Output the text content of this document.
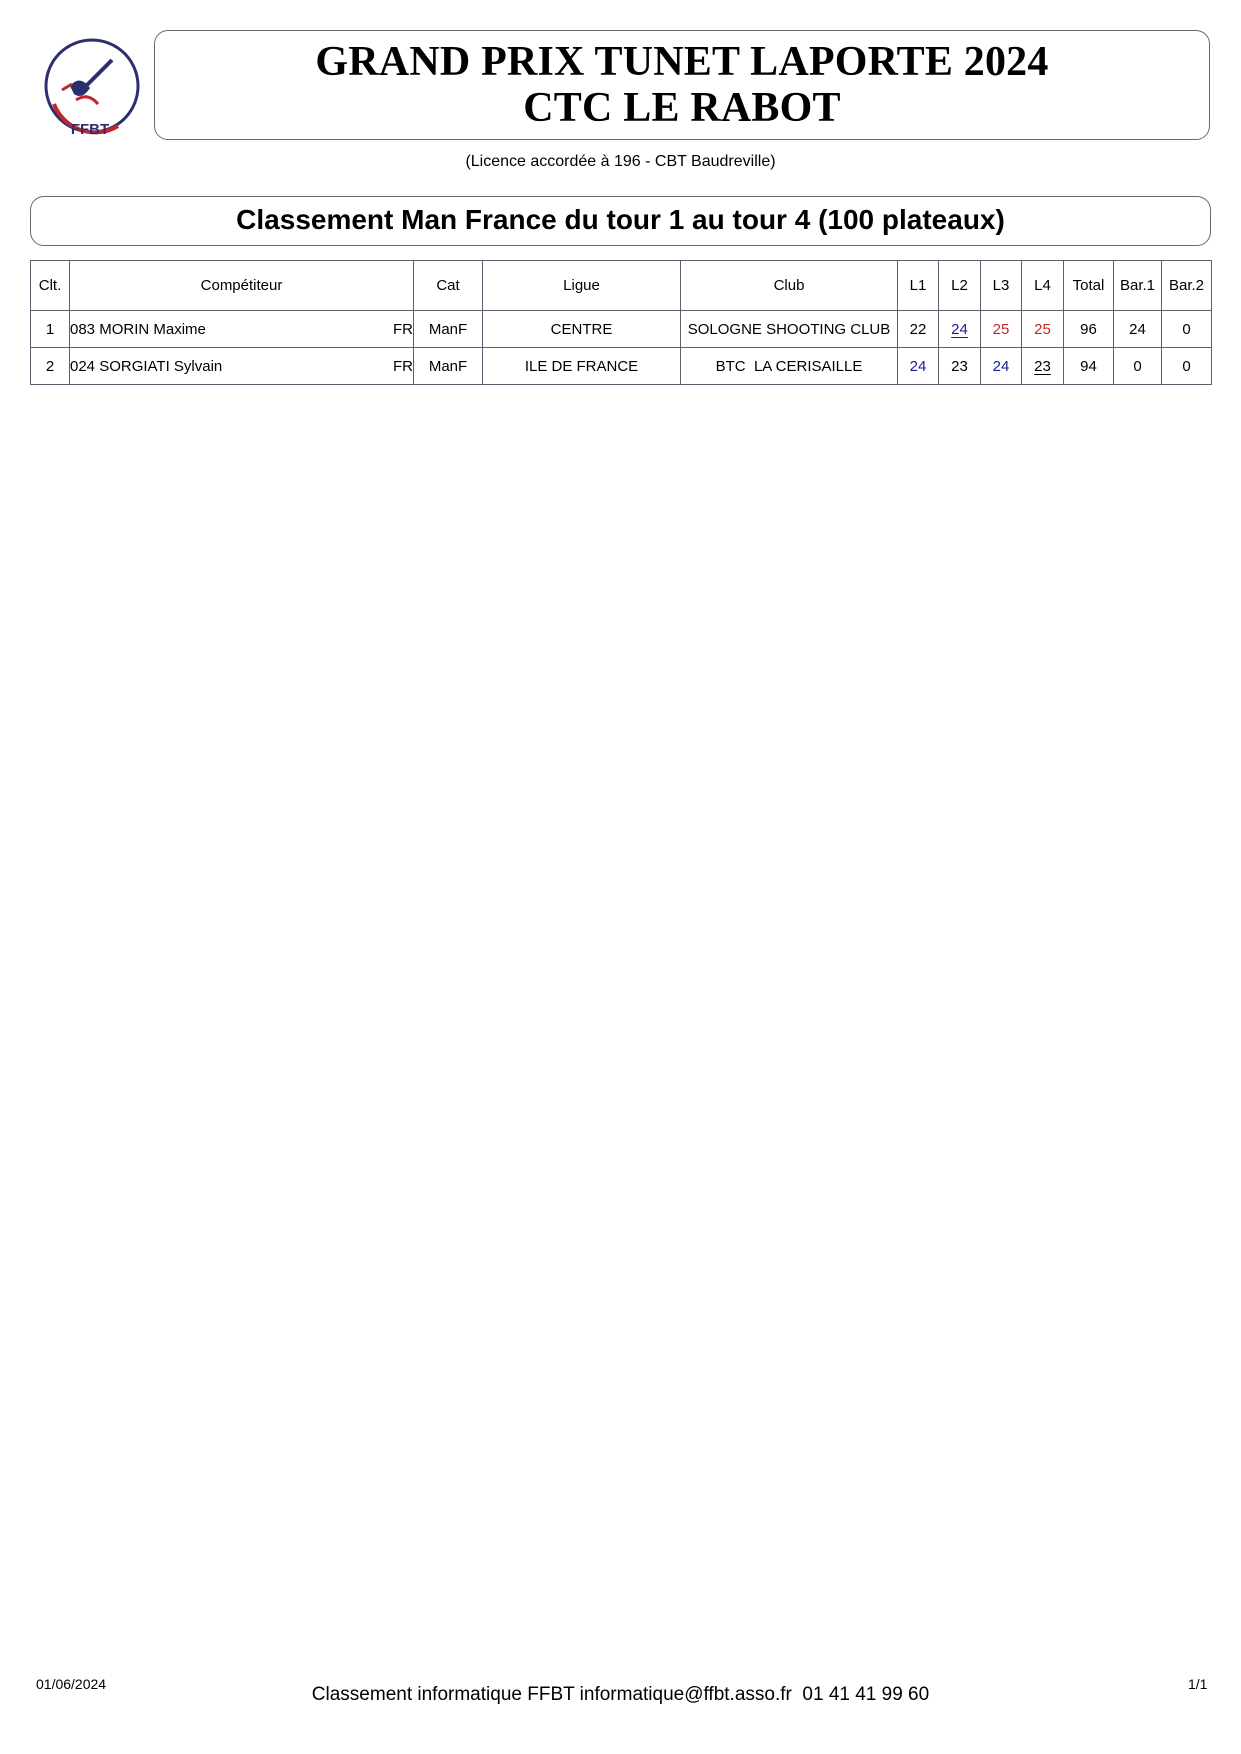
FFBT
GRAND PRIX TUNET LAPORTE 2024
CTC LE RABOT
(Licence accordée à 196 - CBT Baudreville)
Classement Man France du tour 1 au tour 4 (100 plateaux)
Clt.	Compétiteur	Cat	Ligue	Club	L1	L2	L3	L4	Total	Bar.1	Bar.2
1	083 MORIN Maxime FR	ManF	CENTRE	SOLOGNE SHOOTING CLUB	22	24	25	25	96	24	0
2	024 SORGIATI Sylvain FR	ManF	ILE DE FRANCE	BTC  LA CERISAILLE	24	23	24	23	94	0	0
01/06/2024	Classement informatique FFBT informatique@ffbt.asso.fr  01 41 41 99 60	1/1
